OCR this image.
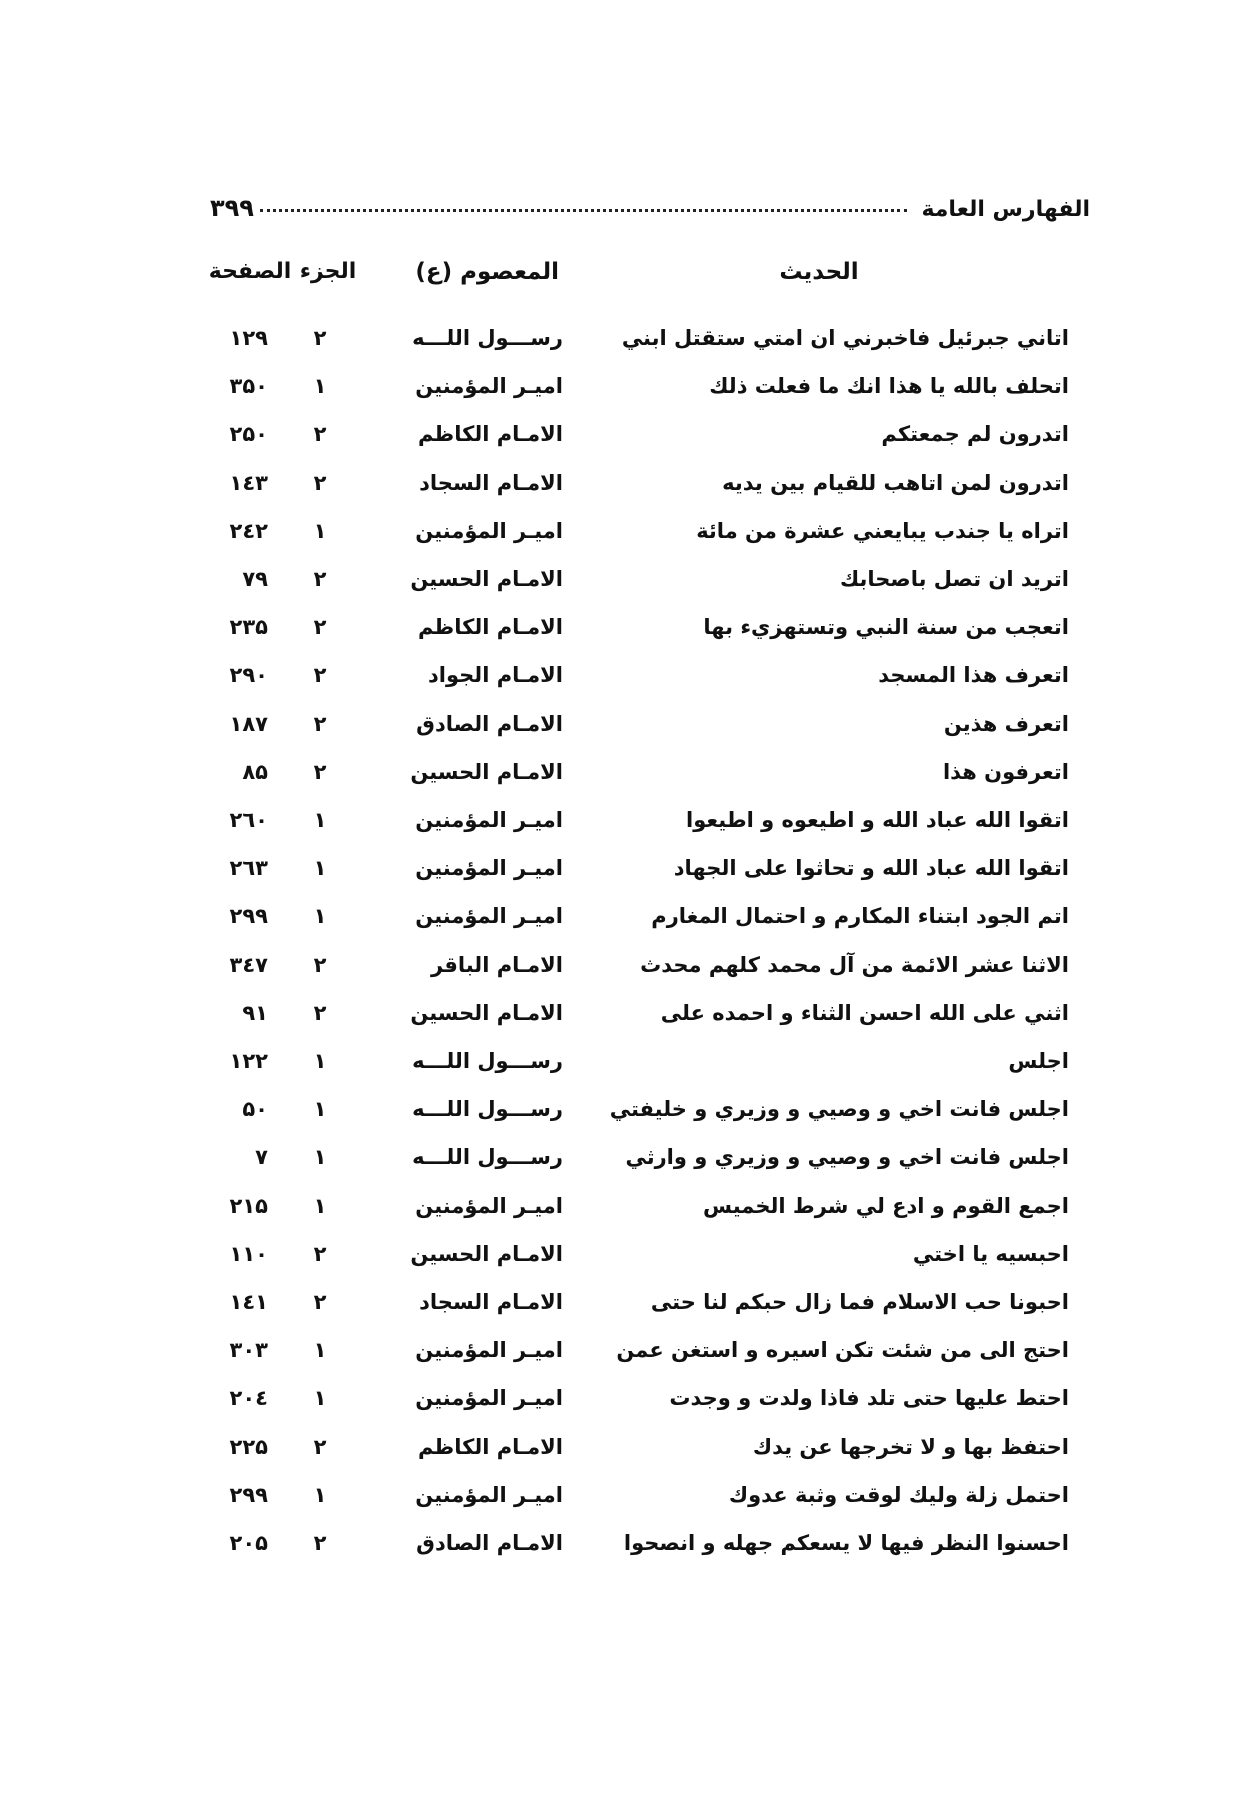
الفهارس العامة
۳۹۹
الحديث
المعصوم (ع)
الجزء
الصفحة
اتاني جبرئيل فاخبرني ان امتي ستقتل ابني
رســـول اللـــه
۲
۱۲۹
اتحلف بالله يا هذا انك ما فعلت ذلك
اميـر المؤمنين
۱
۳۵۰
اتدرون لم جمعتكم
الامـام الكاظم
۲
۲۵۰
اتدرون لمن اتاهب للقيام بين يديه
الامـام السجاد
۲
۱٤۳
اتراه يا جندب يبايعني عشرة من مائة
اميـر المؤمنين
۱
۲٤۲
اتريد ان تصل باصحابك
الامـام الحسين
۲
۷۹
اتعجب من سنة النبي وتستهزيء بها
الامـام الكاظم
۲
۲۳۵
اتعرف هذا المسجد
الامـام الجواد
۲
۲۹۰
اتعرف هذين
الامـام الصادق
۲
۱۸۷
اتعرفون هذا
الامـام الحسين
۲
۸۵
اتقوا الله عباد الله و اطيعوه و اطيعوا
اميـر المؤمنين
۱
۲٦۰
اتقوا الله عباد الله و تحاثوا على الجهاد
اميـر المؤمنين
۱
۲٦۳
اتم الجود ابتناء المكارم و احتمال المغارم
اميـر المؤمنين
۱
۲۹۹
الاثنا عشر الائمة من آل محمد كلهم محدث
الامـام الباقر
۲
۳٤۷
اثني على الله احسن الثناء و احمده على
الامـام الحسين
۲
۹۱
اجلس
رســـول اللـــه
۱
۱۲۲
اجلس فانت اخي و وصيي و وزيري و خليفتي
رســـول اللـــه
۱
۵۰
اجلس فانت اخي و وصيي و وزيري و وارثي
رســـول اللـــه
۱
۷
اجمع القوم و ادع لي شرط الخميس
اميـر المؤمنين
۱
۲۱۵
احبسيه يا اختي
الامـام الحسين
۲
۱۱۰
احبونا حب الاسلام فما زال حبكم لنا حتى
الامـام السجاد
۲
۱٤۱
احتج الى من شئت تكن اسيره و استغن عمن
اميـر المؤمنين
۱
۳۰۳
احتط عليها حتى تلد فاذا ولدت و وجدت
اميـر المؤمنين
۱
۲۰٤
احتفظ بها و لا تخرجها عن يدك
الامـام الكاظم
۲
۲۲۵
احتمل زلة وليك لوقت وثبة عدوك
اميـر المؤمنين
۱
۲۹۹
احسنوا النظر فيها لا يسعكم جهله و انصحوا
الامـام الصادق
۲
۲۰۵
